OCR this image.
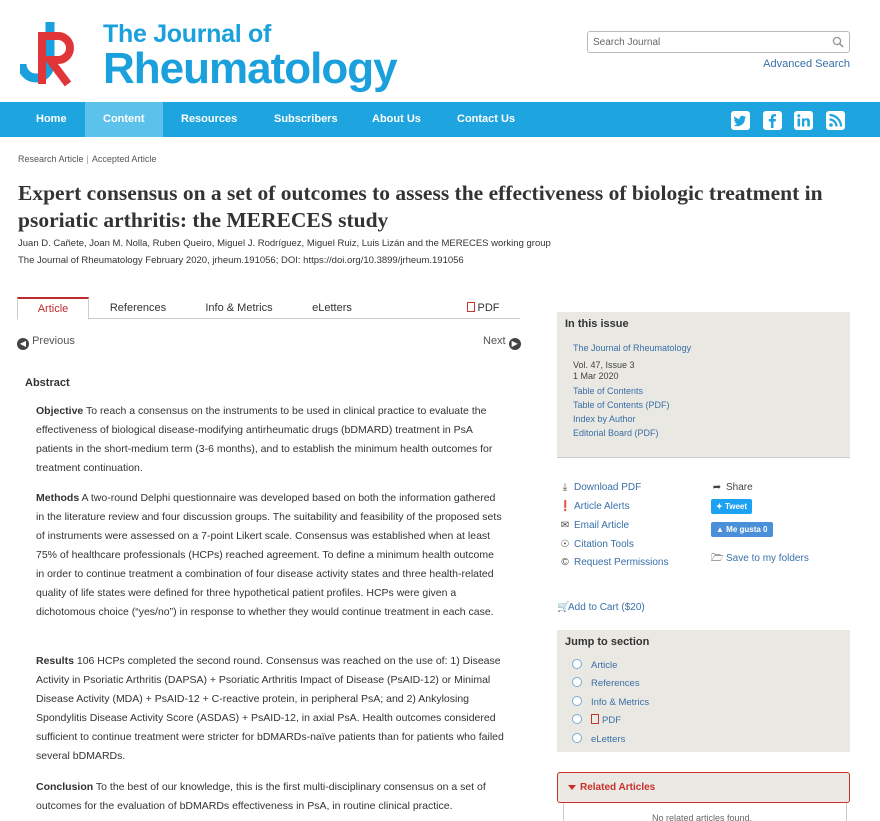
The Journal of
Rheumatology
Search Journal	Advanced Search
Home	Content	Resources	Subscribers	About Us	Contact Us
Research Article | Accepted Article
Expert consensus on a set of outcomes to assess the effectiveness of biologic treatment in psoriatic arthritis: the MERECES study
Juan D. Cañete, Joan M. Nolla, Ruben Queiro, Miguel J. Rodríguez, Miguel Ruiz, Luis Lizán and the MERECES working group
The Journal of Rheumatology February 2020, jrheum.191056; DOI: https://doi.org/10.3899/jrheum.191056
Article	References	Info & Metrics	eLetters	PDF
◀ Previous	Next ▶
Abstract

Objective To reach a consensus on the instruments to be used in clinical practice to evaluate the effectiveness of biological disease-modifying antirheumatic drugs (bDMARD) treatment in PsA patients in the short-medium term (3-6 months), and to establish the minimum health outcomes for treatment continuation.

Methods A two-round Delphi questionnaire was developed based on both the information gathered in the literature review and four discussion groups. The suitability and feasibility of the proposed sets of instruments were assessed on a 7-point Likert scale. Consensus was established when at least 75% of healthcare professionals (HCPs) reached agreement. To define a minimum health outcome in order to continue treatment a combination of four disease activity states and three health-related quality of life states were defined for three hypothetical patient profiles. HCPs were given a dichotomous choice (“yes/no”) in response to whether they would continue treatment in each case.

Results 106 HCPs completed the second round. Consensus was reached on the use of: 1) Disease Activity in Psoriatic Arthritis (DAPSA) + Psoriatic Arthritis Impact of Disease (PsAID-12) or Minimal Disease Activity (MDA) + PsAID-12 + C-reactive protein, in peripheral PsA; and 2) Ankylosing Spondylitis Disease Activity Score (ASDAS) + PsAID-12, in axial PsA. Health outcomes considered sufficient to continue treatment were stricter for bDMARDs-naïve patients than for patients who failed several bDMARDs.

Conclusion To the best of our knowledge, this is the first multi-disciplinary consensus on a set of outcomes for the evaluation of bDMARDs effectiveness in PsA, in routine clinical practice.

In this issue
The Journal of Rheumatology
Vol. 47, Issue 3
1 Mar 2020
Table of Contents
Table of Contents (PDF)
Index by Author
Editorial Board (PDF)
⤓ Download PDF
❗ Article Alerts
✉ Email Article
☉ Citation Tools
© Request Permissions
➦ Share
✦ Tweet
▲ Me gusta 0
🗁 Save to my folders
🛒Add to Cart ($20)
Jump to section
Article
References
Info & Metrics
PDF
eLetters
Related Articles
No related articles found.
